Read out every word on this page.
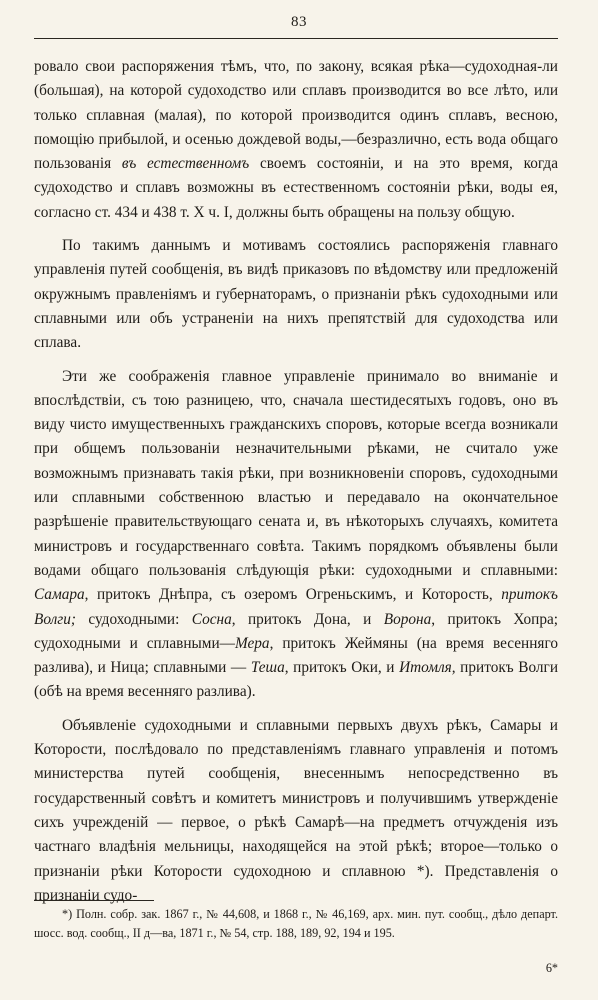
83

ровало свои распоряжения тѣмъ, что, по закону, всякая рѣка—судоходная-ли (большая), на которой судоходство или сплавъ производится во все лѣто, или только сплавная (малая), по которой производится одинъ сплавъ, весною, помощію прибылой, и осенью дождевой воды,—безразлично, есть вода общаго пользованія въ естественномъ своемъ состояніи, и на это время, когда судоходство и сплавъ возможны въ естественномъ состояніи рѣки, воды ея, согласно ст. 434 и 438 т. X ч. I, должны быть обращены на пользу общую.

По такимъ даннымъ и мотивамъ состоялись распоряженія главнаго управленія путей сообщенія, въ видѣ приказовъ по вѣдомству или предложеній окружнымъ правленіямъ и губернаторамъ, о признаніи рѣкъ судоходными или сплавными или объ устраненіи на нихъ препятствій для судоходства или сплава.

Эти же соображенія главное управленіе принимало во вниманіе и впослѣдствіи, съ тою разницею, что, сначала шестидесятыхъ годовъ, оно въ виду чисто имущественныхъ гражданскихъ споровъ, которые всегда возникали при общемъ пользованіи незначительными рѣками, не считало уже возможнымъ признавать такія рѣки, при возникновеніи споровъ, судоходными или сплавными собственною властью и передавало на окончательное разрѣшеніе правительствующаго сената и, въ нѣкоторыхъ случаяхъ, комитета министровъ и государственнаго совѣта. Такимъ порядкомъ объявлены были водами общаго пользованія слѣдующія рѣки: судоходными и сплавными: Самара, притокъ Днѣпра, съ озеромъ Огреньскимъ, и Которость, притокъ Волги; судоходными: Сосна, притокъ Дона, и Ворона, притокъ Хопра; судоходными и сплавными—Мера, притокъ Жеймяны (на время весенняго разлива), и Ница; сплавными — Теша, притокъ Оки, и Итомля, притокъ Волги (обѣ на время весенняго разлива).

Объявленіе судоходными и сплавными первыхъ двухъ рѣкъ, Самары и Которости, послѣдовало по представленіямъ главнаго управленія и потомъ министерства путей сообщенія, внесеннымъ непосредственно въ государственный совѣтъ и комитетъ министровъ и получившимъ утвержденіе сихъ учрежденій — первое, о рѣкѣ Самарѣ—на предметъ отчужденія изъ частнаго владѣнія мельницы, находящейся на этой рѣкѣ; второе—только о признаніи рѣки Которости судоходною и сплавною *). Представленія о признаніи судо-

*) Полн. собр. зак. 1867 г., № 44,608, и 1868 г., № 46,169, арх. мин. пут. сообщ., дѣло департ. шосс. вод. сообщ., II д—ва, 1871 г., № 54, стр. 188, 189, 92, 194 и 195.

6*
